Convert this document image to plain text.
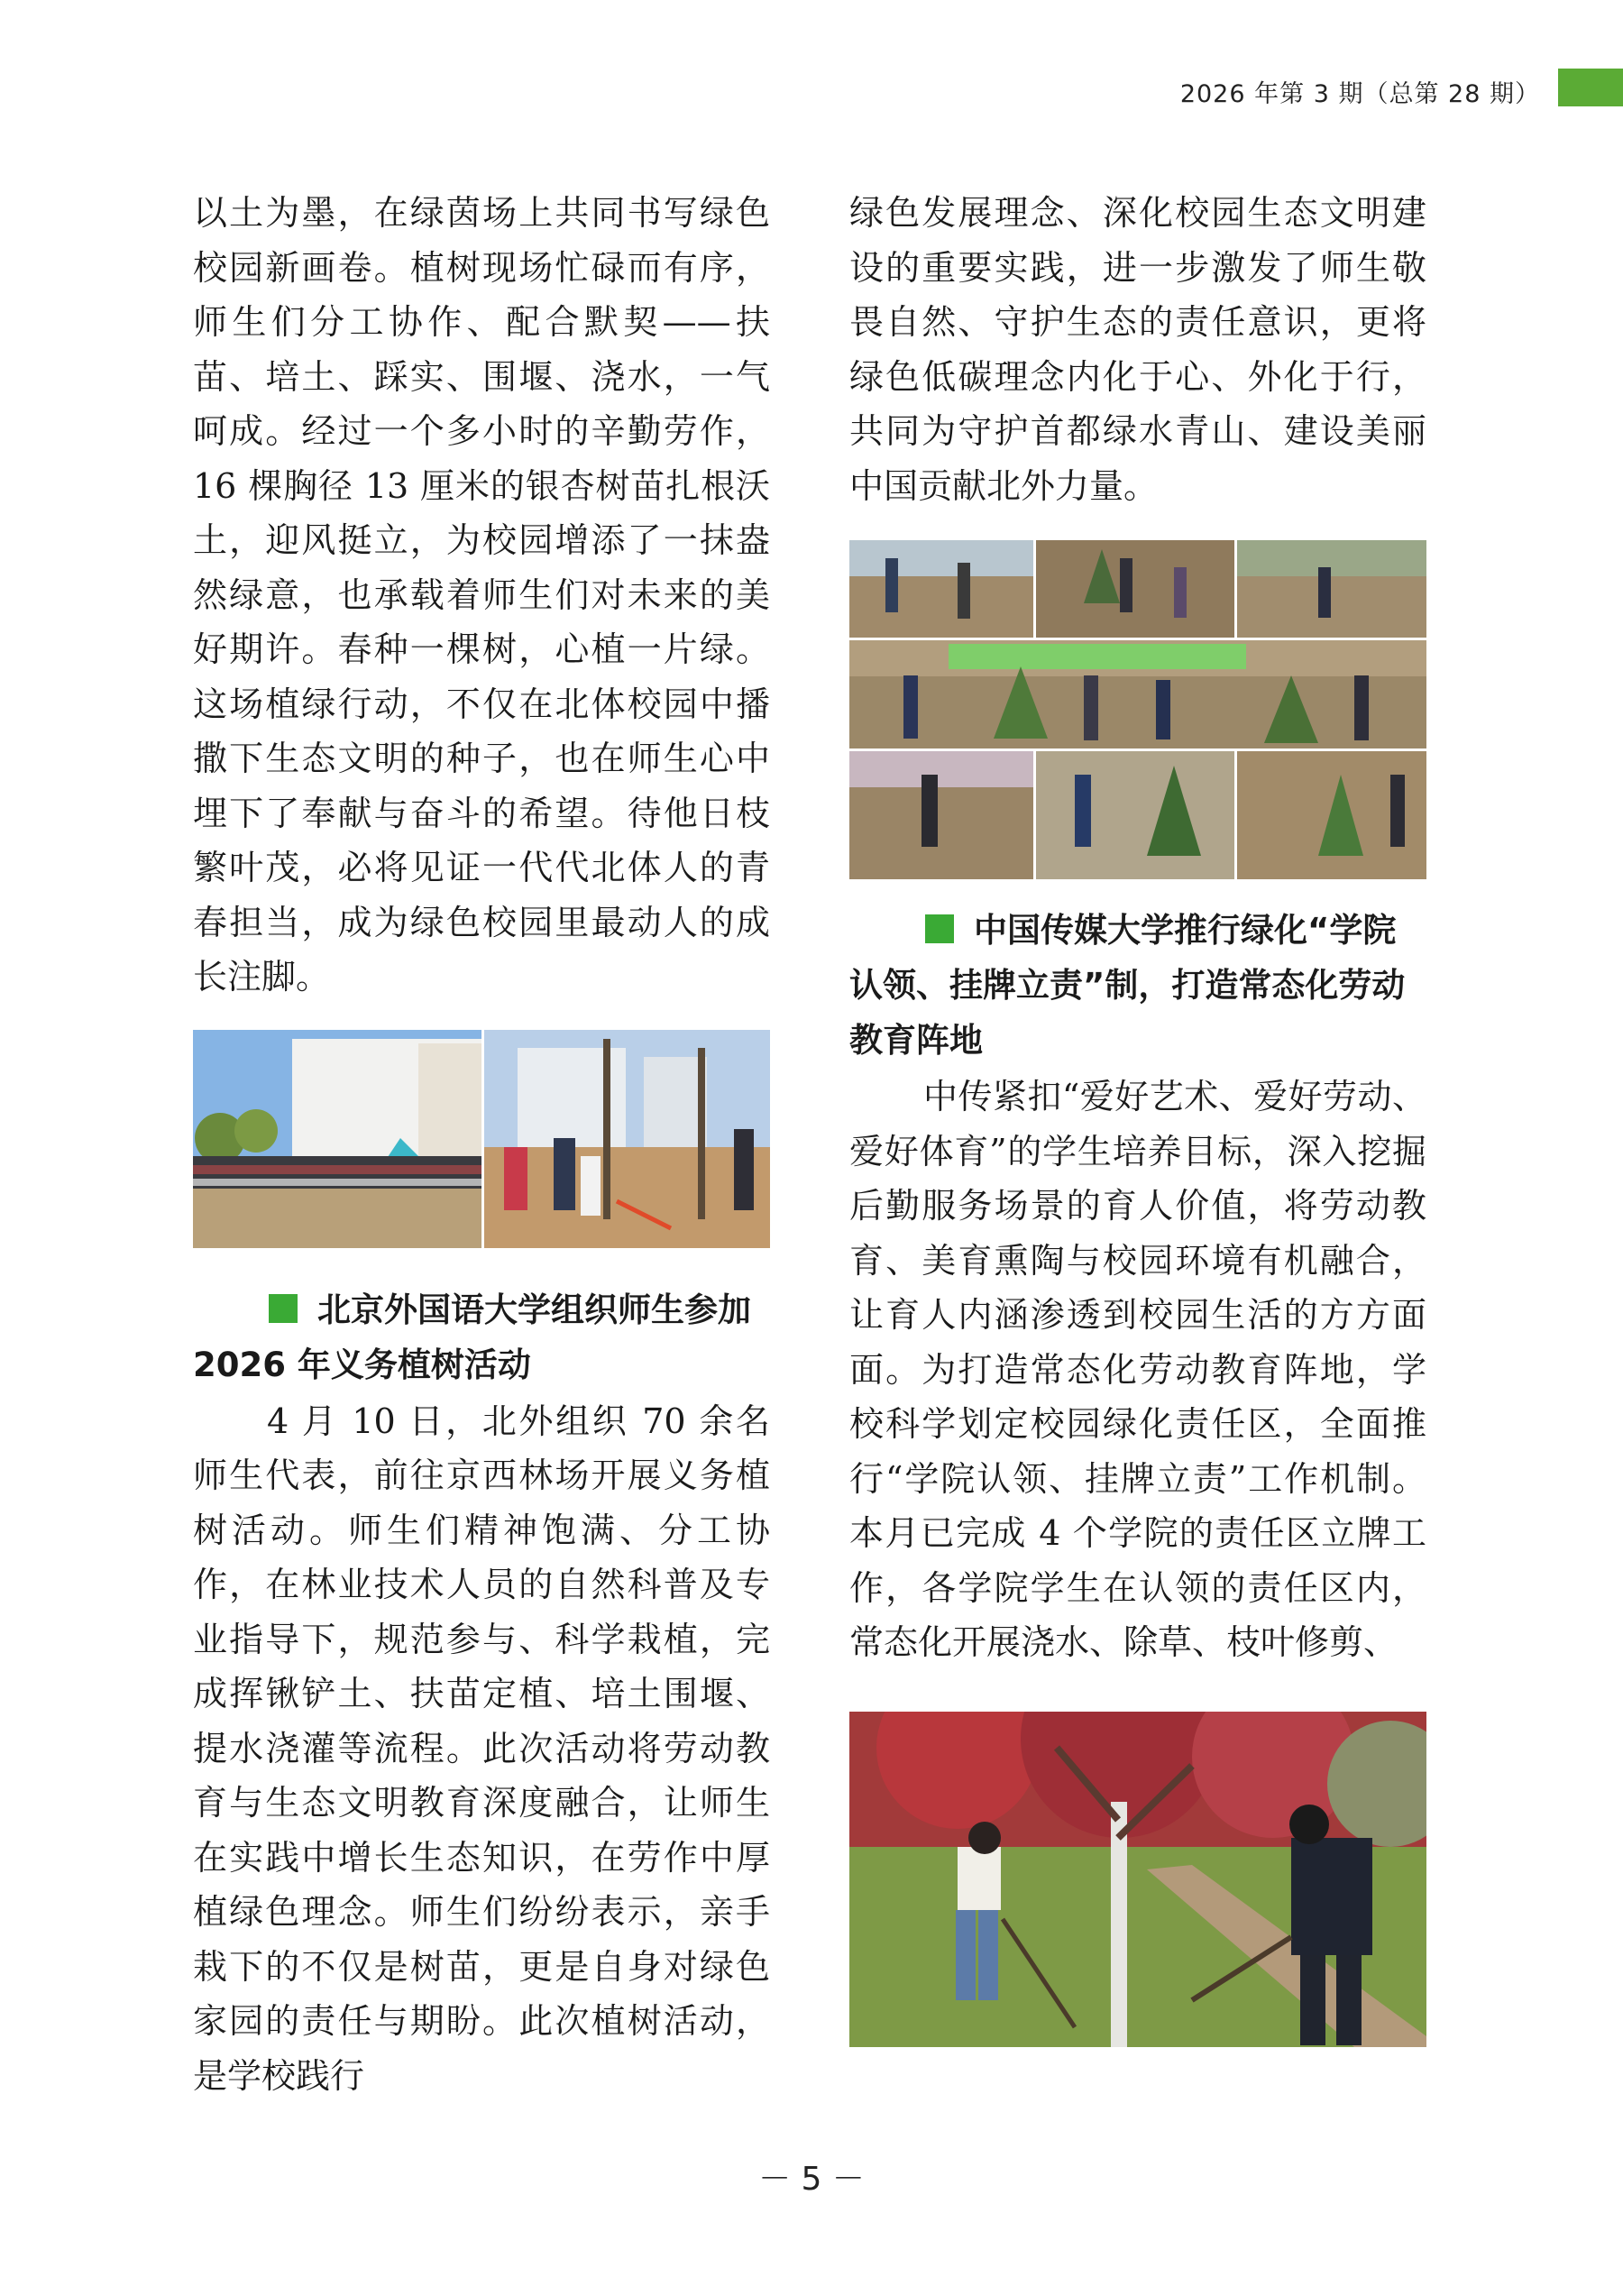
2026 年第 3 期（总第 28 期）

以土为墨，在绿茵场上共同书写绿色校园新画卷。植树现场忙碌而有序，师生们分工协作、配合默契——扶苗、培土、踩实、围堰、浇水，一气呵成。经过一个多小时的辛勤劳作，16 棵胸径 13 厘米的银杏树苗扎根沃土，迎风挺立，为校园增添了一抹盎然绿意，也承载着师生们对未来的美好期许。春种一棵树，心植一片绿。这场植绿行动，不仅在北体校园中播撒下生态文明的种子，也在师生心中埋下了奉献与奋斗的希望。待他日枝繁叶茂，必将见证一代代北体人的青春担当，成为绿色校园里最动人的成长注脚。

北京外国语大学组织师生参加 2026 年义务植树活动

4 月 10 日，北外组织 70 余名师生代表，前往京西林场开展义务植树活动。师生们精神饱满、分工协作，在林业技术人员的自然科普及专业指导下，规范参与、科学栽植，完成挥锹铲土、扶苗定植、培土围堰、提水浇灌等流程。此次活动将劳动教育与生态文明教育深度融合，让师生在实践中增长生态知识，在劳作中厚植绿色理念。师生们纷纷表示，亲手栽下的不仅是树苗，更是自身对绿色家园的责任与期盼。此次植树活动，是学校践行

绿色发展理念、深化校园生态文明建设的重要实践，进一步激发了师生敬畏自然、守护生态的责任意识，更将绿色低碳理念内化于心、外化于行，共同为守护首都绿水青山、建设美丽中国贡献北外力量。

中国传媒大学推行绿化“学院认领、挂牌立责”制，打造常态化劳动教育阵地

中传紧扣“爱好艺术、爱好劳动、爱好体育”的学生培养目标，深入挖掘后勤服务场景的育人价值，将劳动教育、美育熏陶与校园环境有机融合，让育人内涵渗透到校园生活的方方面面。为打造常态化劳动教育阵地，学校科学划定校园绿化责任区，全面推行“学院认领、挂牌立责”工作机制。本月已完成 4 个学院的责任区立牌工作，各学院学生在认领的责任区内，常态化开展浇水、除草、枝叶修剪、

－ 5 －
